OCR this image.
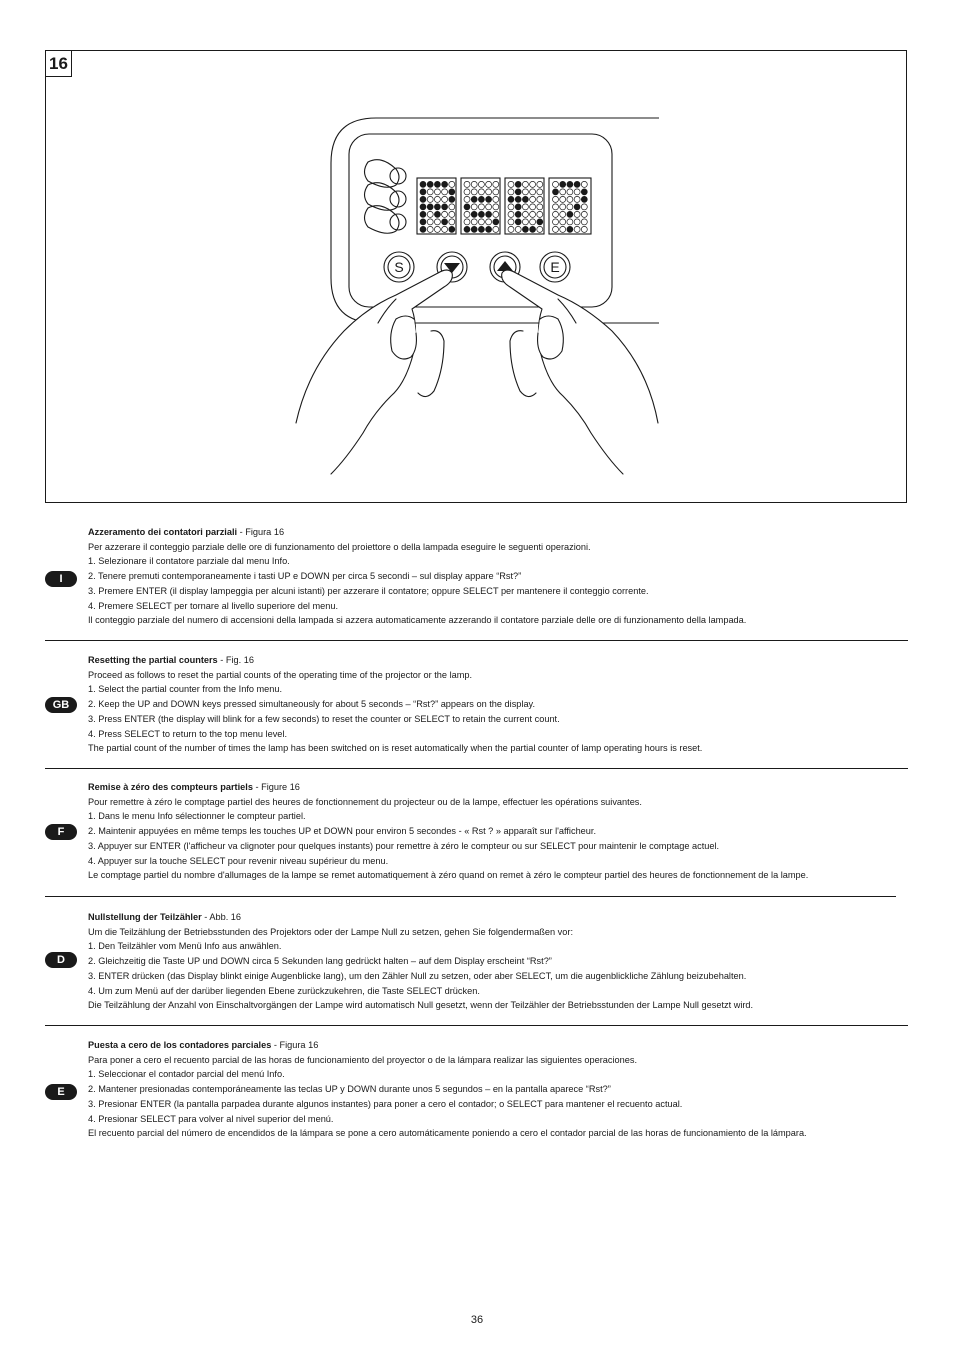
16
S	E
I

Azzeramento dei contatori parziali - Figura 16

Per azzerare il conteggio parziale delle ore di funzionamento del proiettore o della lampada eseguire le seguenti operazioni.

1. Selezionare il contatore parziale dal menu Info.

2. Tenere premuti contemporaneamente i tasti UP e DOWN per circa 5 secondi – sul display appare “Rst?”

3. Premere ENTER (il display lampeggia per alcuni istanti) per azzerare il contatore; oppure SELECT per mantenere il conteggio corrente.

4. Premere SELECT per tornare al livello superiore del menu.

Il conteggio parziale del numero di accensioni della lampada si azzera automaticamente azzerando il contatore parziale delle ore di funzionamento della lampada.

GB

Resetting the partial counters - Fig. 16

Proceed as follows to reset the partial counts of the operating time of the projector or the lamp.

1. Select the partial counter from the Info menu.

2. Keep the UP and DOWN keys pressed simultaneously for about 5 seconds – “Rst?” appears on the display.

3. Press ENTER (the display will blink for a few seconds) to reset the counter or SELECT to retain the current count.

4. Press SELECT to return to the top menu level.

The partial count of the number of times the lamp has been switched on is reset automatically when the partial counter of lamp operating hours is reset.

F

Remise à zéro des compteurs partiels - Figure 16

Pour remettre à zéro le comptage partiel des heures de fonctionnement du projecteur ou de la lampe, effectuer les opérations suivantes.

1. Dans le menu Info sélectionner le compteur partiel.

2. Maintenir appuyées en même temps les touches UP et DOWN pour environ 5 secondes - « Rst ? » apparaît sur l'afficheur.

3. Appuyer sur ENTER (l'afficheur va clignoter pour quelques instants) pour remettre à zéro le compteur ou sur SELECT pour maintenir le comptage actuel.

4. Appuyer sur la touche SELECT pour revenir niveau supérieur du menu.

Le comptage partiel du nombre d'allumages de la lampe se remet automatiquement à zéro quand on remet à zéro le compteur partiel des heures de fonctionnement de la lampe.

D

Nullstellung der Teilzähler - Abb. 16

Um die Teilzählung der Betriebsstunden des Projektors oder der Lampe Null zu setzen, gehen Sie folgendermaßen vor:

1. Den Teilzähler vom Menü Info aus anwählen.

2. Gleichzeitig die Taste UP und DOWN circa 5 Sekunden lang gedrückt halten – auf dem Display erscheint “Rst?”

3. ENTER drücken (das Display blinkt einige Augenblicke lang), um den Zähler Null zu setzen, oder aber SELECT, um die augenblickliche Zählung beizubehalten.

4. Um zum Menü auf der darüber liegenden Ebene zurückzukehren, die Taste SELECT drücken.

Die Teilzählung der Anzahl von Einschaltvorgängen der Lampe wird automatisch Null gesetzt, wenn der Teilzähler der Betriebsstunden der Lampe Null gesetzt wird.

E

Puesta a cero de los contadores parciales - Figura 16

Para poner a cero el recuento parcial de las horas de funcionamiento del proyector o de la lámpara realizar las siguientes operaciones.

1. Seleccionar el contador parcial del menú Info.

2. Mantener presionadas contemporáneamente las teclas UP y DOWN durante unos 5 segundos – en la pantalla aparece “Rst?”

3. Presionar ENTER (la pantalla parpadea durante algunos instantes) para poner a cero el contador; o SELECT para mantener el recuento actual.

4. Presionar SELECT para volver al nivel superior del menú.

El recuento parcial del número de encendidos de la lámpara se pone a cero automáticamente poniendo a cero el contador parcial de las horas de funcionamiento de la lámpara.

36
